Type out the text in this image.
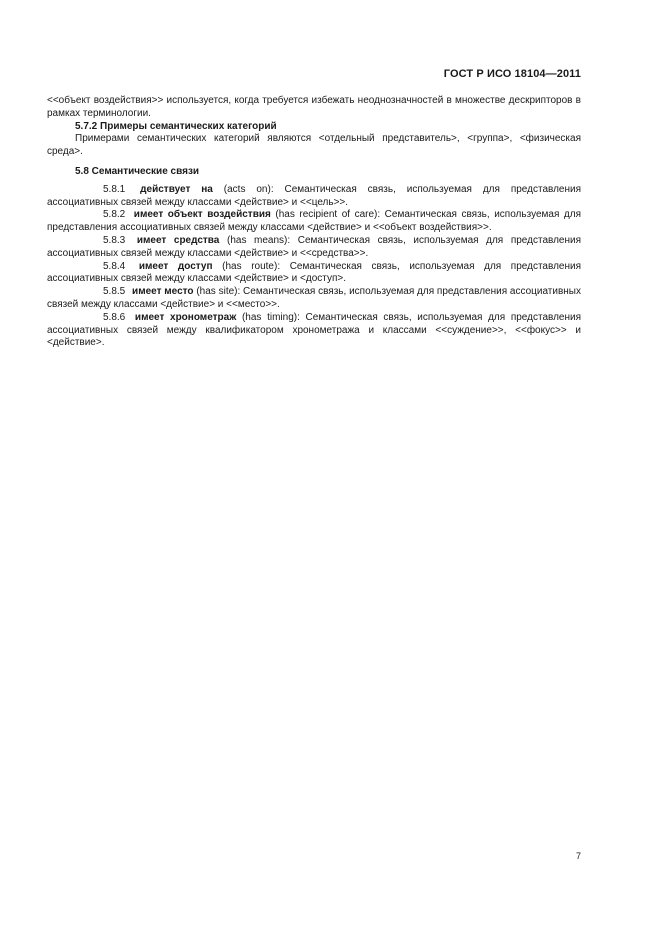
ГОСТ Р ИСО 18104—2011

<<объект воздействия>> используется, когда требуется избежать неоднозначностей в множестве дескрипторов в рамках терминологии.

5.7.2 Примеры семантических категорий

Примерами семантических категорий являются <отдельный представитель>, <группа>, <физическая среда>.

5.8 Семантические связи

5.8.1 действует на (acts on): Семантическая связь, используемая для представления ассоциативных связей между классами <действие> и <<цель>>.

5.8.2 имеет объект воздействия (has recipient of care): Семантическая связь, используемая для представления ассоциативных связей между классами <действие> и <<объект воздействия>>.

5.8.3 имеет средства (has means): Семантическая связь, используемая для представления ассоциативных связей между классами <действие> и <<средства>>.

5.8.4 имеет доступ (has route): Семантическая связь, используемая для представления ассоциативных связей между классами <действие> и <доступ>.

5.8.5 имеет место (has site): Семантическая связь, используемая для представления ассоциативных связей между классами <действие> и <<место>>.

5.8.6 имеет хронометраж (has timing): Семантическая связь, используемая для представления ассоциативных связей между квалификатором хронометража и классами <<суждение>>, <<фокус>> и <действие>.

7
